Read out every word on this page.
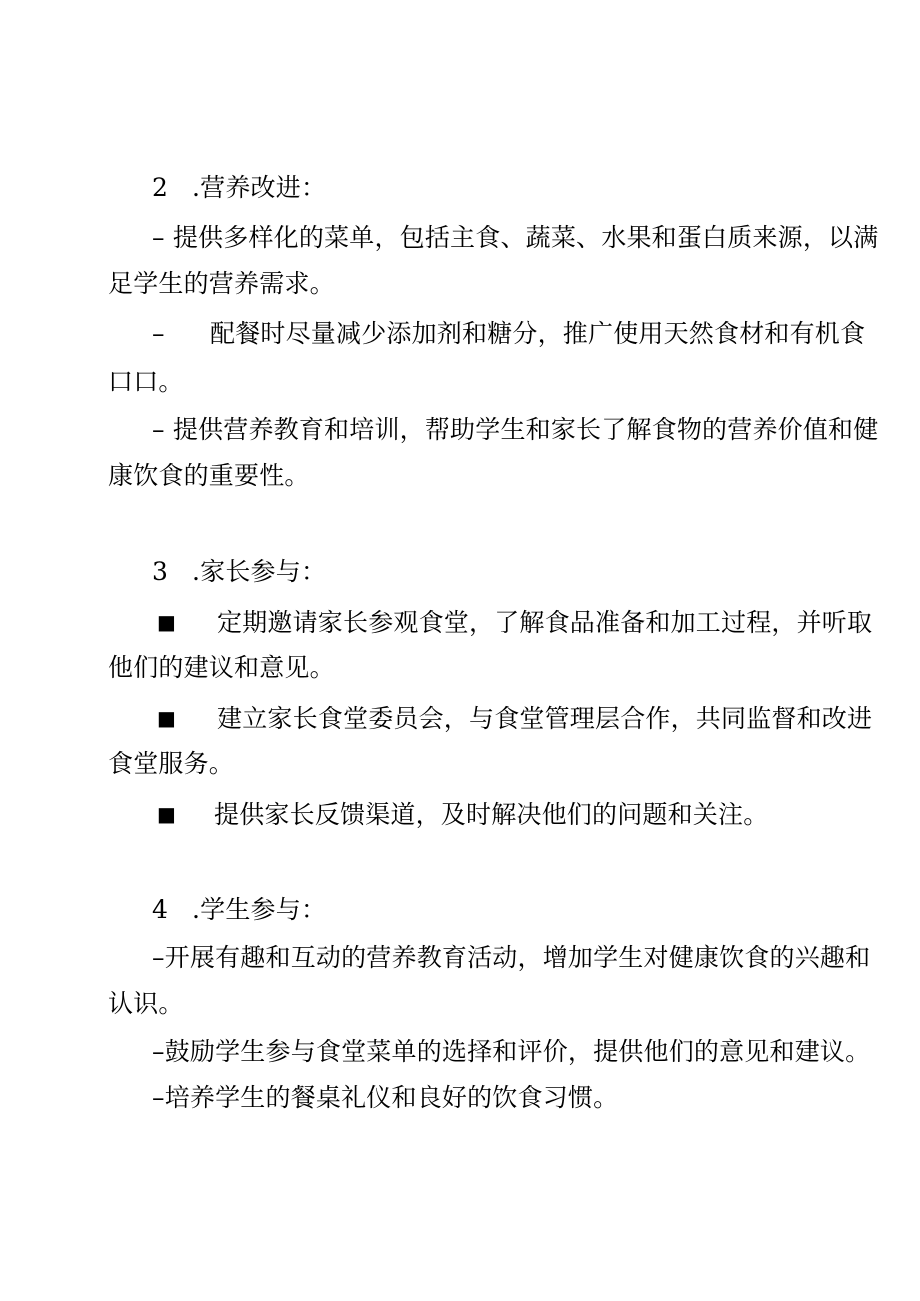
2 .营养改进：
– 提供多样化的菜单，包括主食、蔬菜、水果和蛋白质来源，以满
足学生的营养需求。
– 配餐时尽量减少添加剂和糖分，推广使用天然食材和有机食
口口。
– 提供营养教育和培训，帮助学生和家长了解食物的营养价值和健
康饮食的重要性。
3 .家长参与：
■ 定期邀请家长参观食堂，了解食品准备和加工过程，并听取
他们的建议和意见。
■ 建立家长食堂委员会，与食堂管理层合作，共同监督和改进
食堂服务。
■ 提供家长反馈渠道，及时解决他们的问题和关注。
4 .学生参与：
–开展有趣和互动的营养教育活动，增加学生对健康饮食的兴趣和
认识。
–鼓励学生参与食堂菜单的选择和评价，提供他们的意见和建议。
–培养学生的餐桌礼仪和良好的饮食习惯。
